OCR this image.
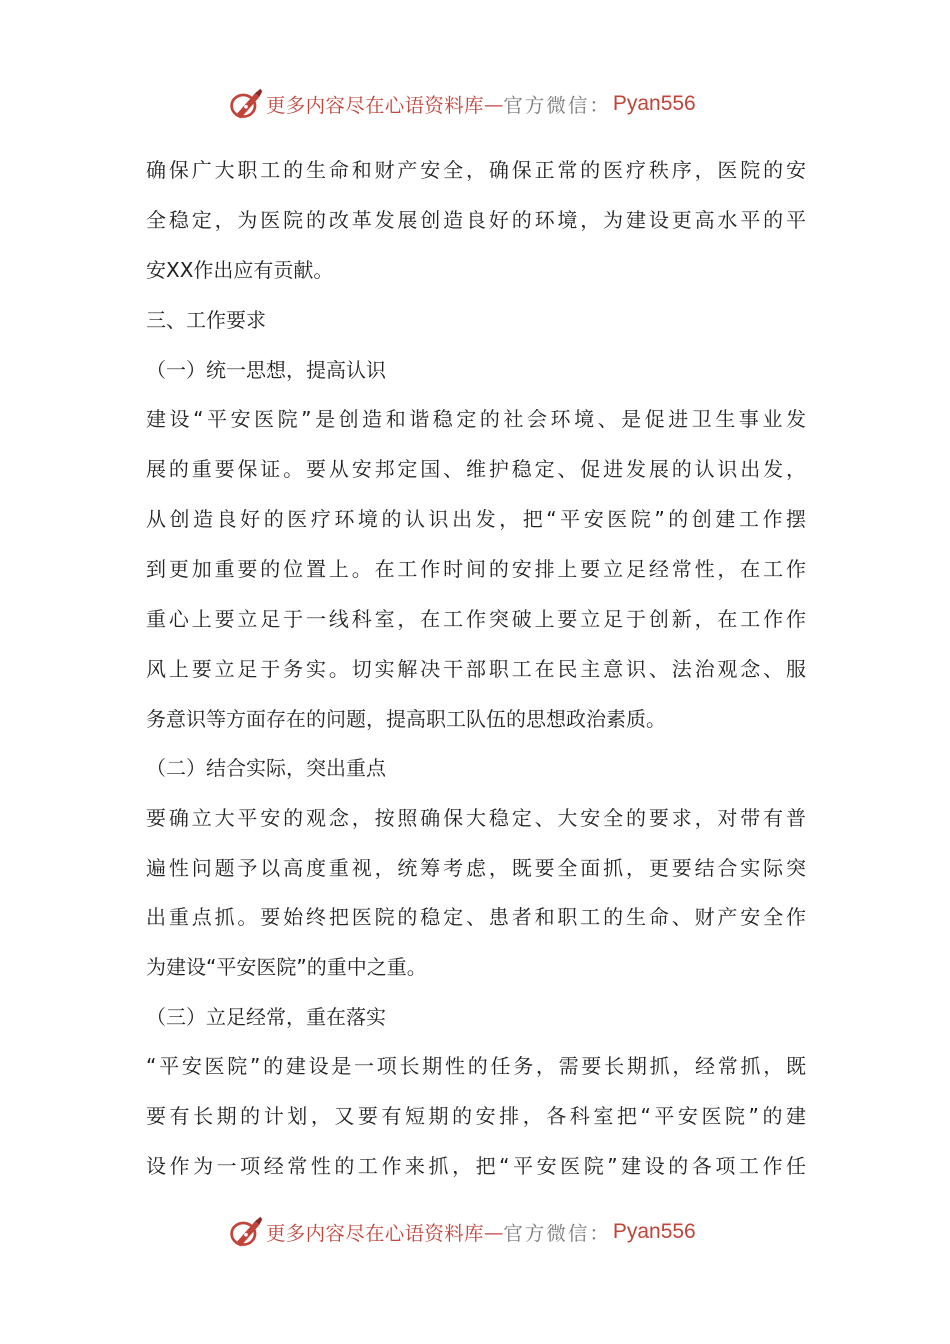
更多内容尽在心语资料库 — 官方微信： Pyan556

确保广大职工的生命和财产安全，确保正常的医疗秩序，医院的安

全稳定，为医院的改革发展创造良好的环境，为建设更高水平的平

安XX作出应有贡献。

三、工作要求

（一）统一思想，提高认识

建设“平安医院”是创造和谐稳定的社会环境、是促进卫生事业发

展的重要保证。要从安邦定国、维护稳定、促进发展的认识出发，

从创造良好的医疗环境的认识出发，把“平安医院”的创建工作摆

到更加重要的位置上。在工作时间的安排上要立足经常性，在工作

重心上要立足于一线科室，在工作突破上要立足于创新，在工作作

风上要立足于务实。切实解决干部职工在民主意识、法治观念、服

务意识等方面存在的问题，提高职工队伍的思想政治素质。

（二）结合实际，突出重点

要确立大平安的观念，按照确保大稳定、大安全的要求，对带有普

遍性问题予以高度重视，统筹考虑，既要全面抓，更要结合实际突

出重点抓。要始终把医院的稳定、患者和职工的生命、财产安全作

为建设“平安医院”的重中之重。

（三）立足经常，重在落实

“平安医院”的建设是一项长期性的任务，需要长期抓，经常抓，既

要有长期的计划，又要有短期的安排，各科室把“平安医院”的建

设作为一项经常性的工作来抓，把“平安医院”建设的各项工作任

更多内容尽在心语资料库 — 官方微信： Pyan556
